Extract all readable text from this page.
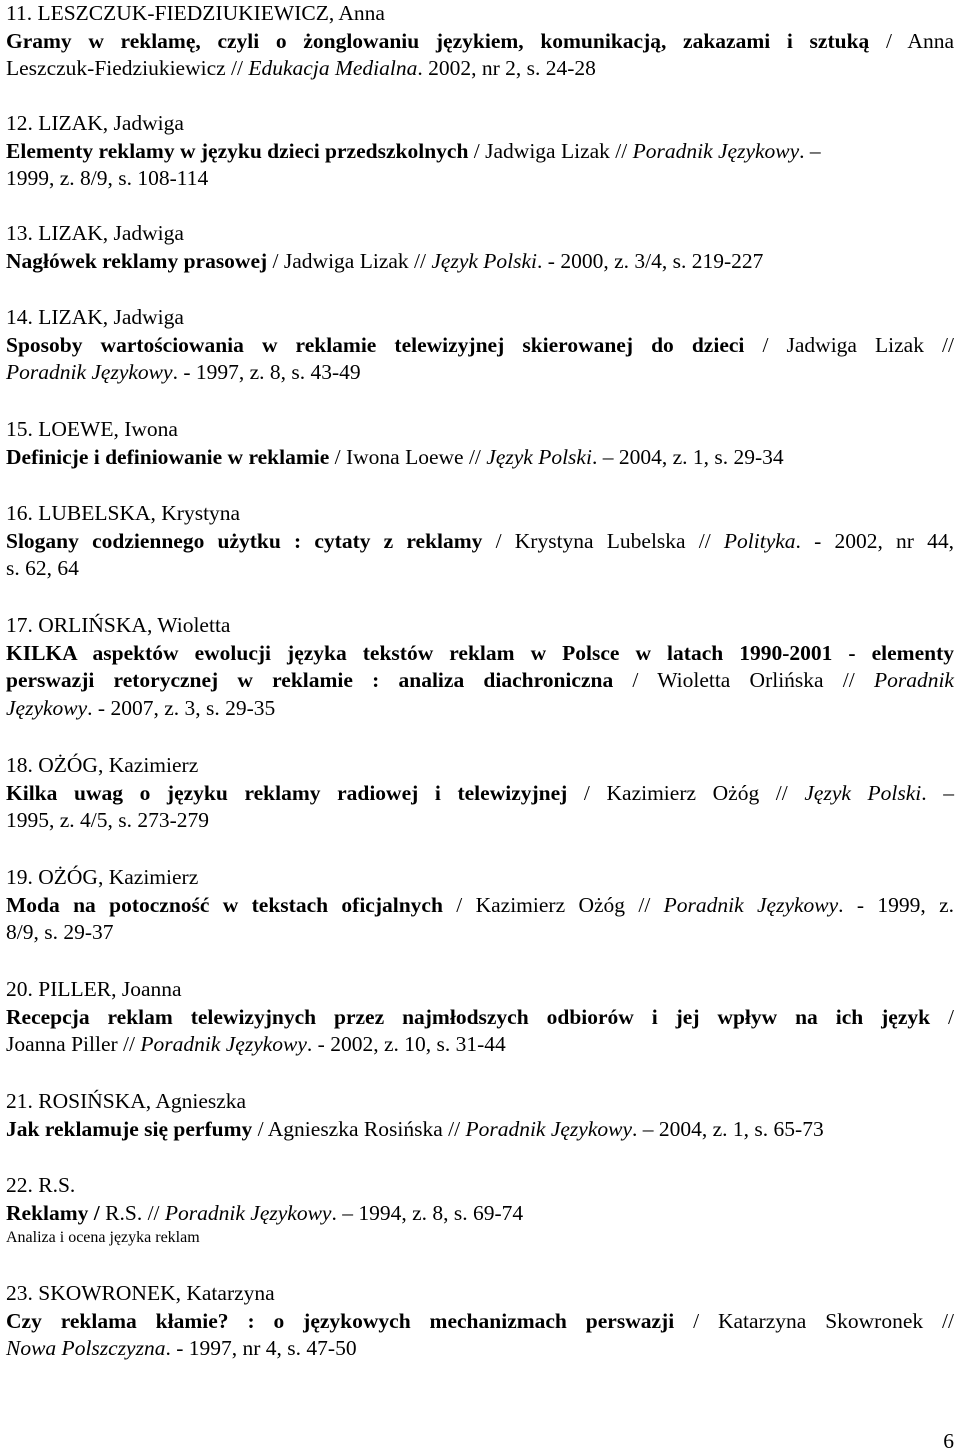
11. LESZCZUK-FIEDZIUKIEWICZ, Anna
Gramy w reklamę, czyli o żonglowaniu językiem, komunikacją, zakazami i sztuką / Anna
Leszczuk-Fiedziukiewicz // Edukacja Medialna. 2002, nr 2, s. 24-28
12. LIZAK, Jadwiga
Elementy reklamy w języku dzieci przedszkolnych / Jadwiga Lizak // Poradnik Językowy. –
1999, z. 8/9, s. 108-114
13. LIZAK, Jadwiga
Nagłówek reklamy prasowej / Jadwiga Lizak // Język Polski. - 2000, z. 3/4, s. 219-227
14. LIZAK, Jadwiga
Sposoby wartościowania w reklamie telewizyjnej skierowanej do dzieci / Jadwiga Lizak //
Poradnik Językowy. - 1997, z. 8, s. 43-49
15. LOEWE, Iwona
Definicje i definiowanie w reklamie / Iwona Loewe // Język Polski. – 2004, z. 1, s. 29-34
16. LUBELSKA, Krystyna
Slogany codziennego użytku : cytaty z reklamy / Krystyna Lubelska // Polityka. - 2002, nr 44,
s. 62, 64
17. ORLIŃSKA, Wioletta
KILKA aspektów ewolucji języka tekstów reklam w Polsce w latach 1990-2001 - elementy
perswazji retorycznej w reklamie : analiza diachroniczna / Wioletta Orlińska // Poradnik
Językowy. - 2007, z. 3, s. 29-35
18. OŻÓG, Kazimierz
Kilka uwag o języku reklamy radiowej i telewizyjnej / Kazimierz Ożóg // Język Polski. –
1995, z. 4/5, s. 273-279
19. OŻÓG, Kazimierz
Moda na potoczność w tekstach oficjalnych / Kazimierz Ożóg // Poradnik Językowy. - 1999, z.
8/9, s. 29-37
20. PILLER, Joanna
Recepcja reklam telewizyjnych przez najmłodszych odbiorów i jej wpływ na ich język /
Joanna Piller // Poradnik Językowy. - 2002, z. 10, s. 31-44
21. ROSIŃSKA, Agnieszka
Jak reklamuje się perfumy / Agnieszka Rosińska // Poradnik Językowy. – 2004, z. 1, s. 65-73
22. R.S.
Reklamy / R.S. // Poradnik Językowy. – 1994, z. 8, s. 69-74
Analiza i ocena języka reklam
23. SKOWRONEK, Katarzyna
Czy reklama kłamie? : o językowych mechanizmach perswazji / Katarzyna Skowronek //
Nowa Polszczyzna. - 1997, nr 4, s. 47-50
6
